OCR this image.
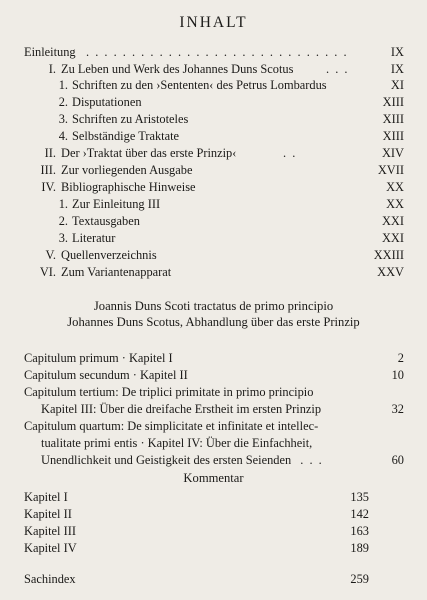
INHALT
Einleitung . . . . . . . . . . . . . . . . . . . . . . . . . . . . .	IX
I. Zu Leben und Werk des Johannes Duns Scotus	. . .	IX
1. Schriften zu den ›Sententen‹ des Petrus Lombardus	XI
2. Disputationen	XIII
3. Schriften zu Aristoteles	XIII
4. Selbständige Traktate	XIII
II. Der ›Traktat über das erste Prinzip‹	. .	XIV
III. Zur vorliegenden Ausgabe	XVII
IV. Bibliographische Hinweise	XX
1. Zur Einleitung III	XX
2. Textausgaben	XXI
3. Literatur	XXI
V. Quellenverzeichnis	XXIII
VI. Zum Variantenapparat	XXV
Joannis Duns Scoti tractatus de primo principio
Johannes Duns Scotus, Abhandlung über das erste Prinzip
Capitulum primum · Kapitel I	2
Capitulum secundum · Kapitel II	10
Capitulum tertium: De triplici primitate in primo principio
Kapitel III: Über die dreifache Erstheit im ersten Prinzip	32
Capitulum quartum: De simplicitate et infinitate et intellec-
tualitate primi entis · Kapitel IV: Über die Einfachheit,
Unendlichkeit und Geistigkeit des ersten Seienden . . .	60
Kommentar
Kapitel I	135
Kapitel II	142
Kapitel III	163
Kapitel IV	189
Sachindex	259
